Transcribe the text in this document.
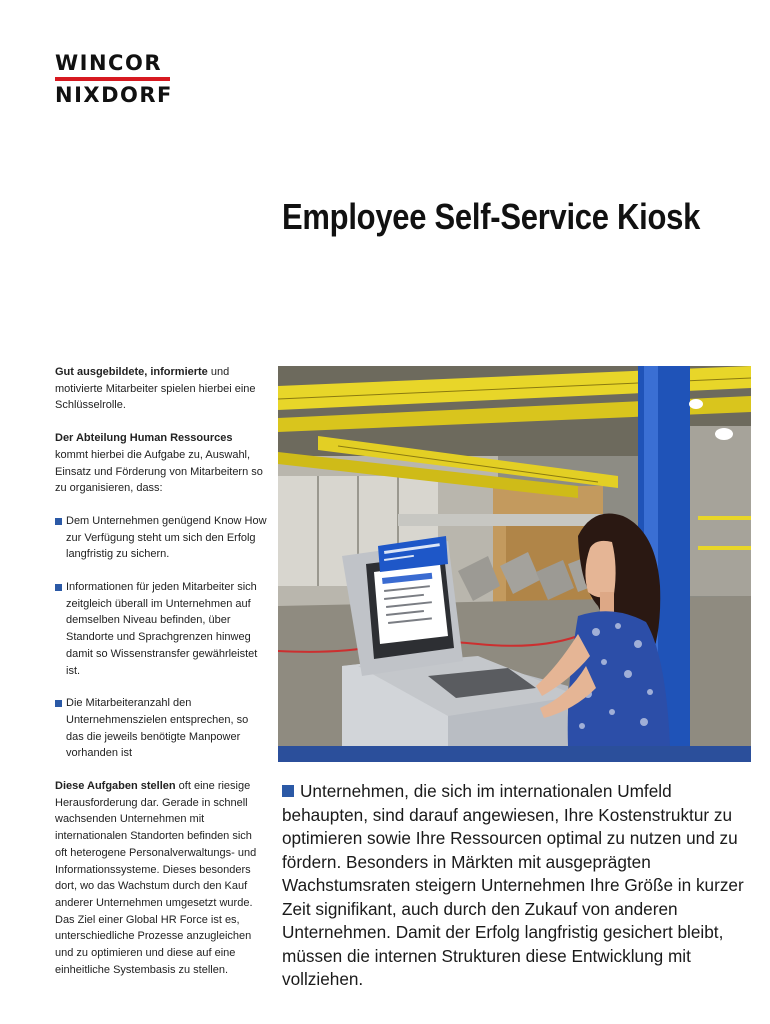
WINCOR
NIXDORF
Employee Self-Service Kiosk

Gut ausgebildete, informierte und motivierte Mitarbeiter spielen hierbei eine Schlüsselrolle.

Der Abteilung Human Ressources kommt hierbei die Aufgabe zu, Auswahl, Einsatz und Förderung von Mitarbeitern so zu organisieren, dass:

Dem Unternehmen genügend Know How zur Verfügung steht um sich den Erfolg langfristig zu sichern.
Informationen für jeden Mitarbeiter sich zeitgleich überall im Unternehmen auf demselben Niveau befinden, über Standorte und Sprachgrenzen hinweg damit so Wissenstransfer gewährleistet ist.
Die Mitarbeiteranzahl den Unternehmenszielen entsprechen, so das die jeweils benötigte Manpower vorhanden ist

Diese Aufgaben stellen oft eine riesige Herausforderung dar. Gerade in schnell wachsenden Unternehmen mit internationalen Standorten befinden sich oft heterogene Personalverwaltungs- und Informationssysteme. Dieses besonders dort, wo das Wachstum durch den Kauf anderer Unternehmen umgesetzt wurde. Das Ziel einer Global HR Force ist es, unterschiedliche Prozesse anzugleichen und zu optimieren und diese auf eine einheitliche Systembasis zu stellen.

Unternehmen, die sich im internationalen Umfeld behaupten, sind darauf angewiesen, Ihre Kostenstruktur zu optimieren sowie Ihre Ressourcen optimal zu nutzen und zu fördern. Besonders in Märkten mit ausgeprägten Wachstumsraten steigern Unternehmen Ihre Größe in kurzer Zeit signifikant, auch durch den Zukauf von anderen Unternehmen. Damit der Erfolg langfristig gesichert bleibt, müssen die internen Strukturen diese Entwicklung mit vollziehen.
